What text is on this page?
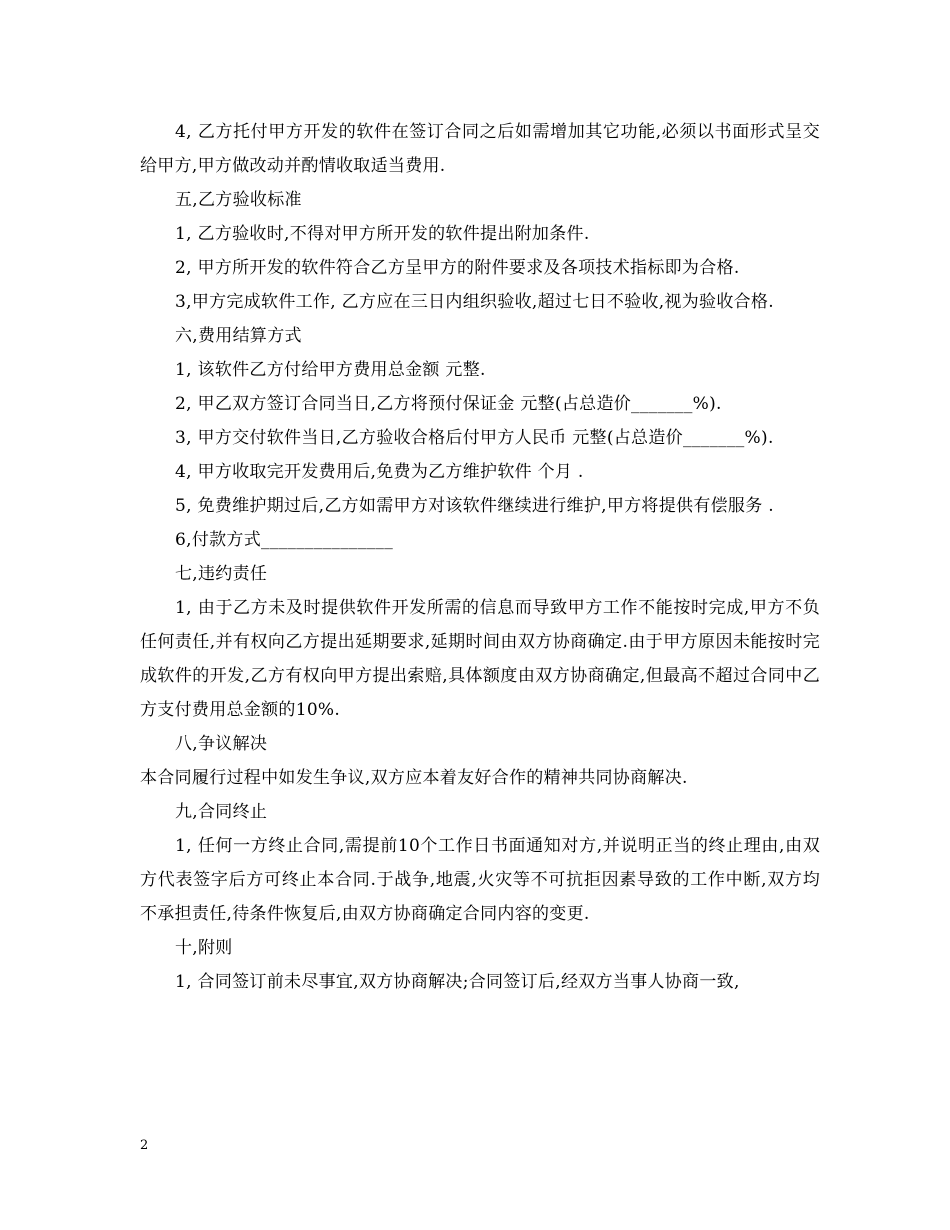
4, 乙方托付甲方开发的软件在签订合同之后如需增加其它功能,必须以书面形式呈交给甲方,甲方做改动并酌情收取适当费用.

五,乙方验收标准

1, 乙方验收时,不得对甲方所开发的软件提出附加条件.

2, 甲方所开发的软件符合乙方呈甲方的附件要求及各项技术指标即为合格.

3,甲方完成软件工作, 乙方应在三日内组织验收,超过七日不验收,视为验收合格.

六,费用结算方式

1, 该软件乙方付给甲方费用总金额 元整.

2, 甲乙双方签订合同当日,乙方将预付保证金 元整(占总造价_______%).

3, 甲方交付软件当日,乙方验收合格后付甲方人民币 元整(占总造价_______%).

4, 甲方收取完开发费用后,免费为乙方维护软件 个月 .

5, 免费维护期过后,乙方如需甲方对该软件继续进行维护,甲方将提供有偿服务 .

6,付款方式_______________

七,违约责任

1, 由于乙方未及时提供软件开发所需的信息而导致甲方工作不能按时完成,甲方不负任何责任,并有权向乙方提出延期要求,延期时间由双方协商确定.由于甲方原因未能按时完成软件的开发,乙方有权向甲方提出索赔,具体额度由双方协商确定,但最高不超过合同中乙方支付费用总金额的10%.

八,争议解决

本合同履行过程中如发生争议,双方应本着友好合作的精神共同协商解决.

九,合同终止

1, 任何一方终止合同,需提前10个工作日书面通知对方,并说明正当的终止理由,由双方代表签字后方可终止本合同.于战争,地震,火灾等不可抗拒因素导致的工作中断,双方均不承担责任,待条件恢复后,由双方协商确定合同内容的变更.

十,附则

1, 合同签订前未尽事宜,双方协商解决;合同签订后,经双方当事人协商一致,

2
